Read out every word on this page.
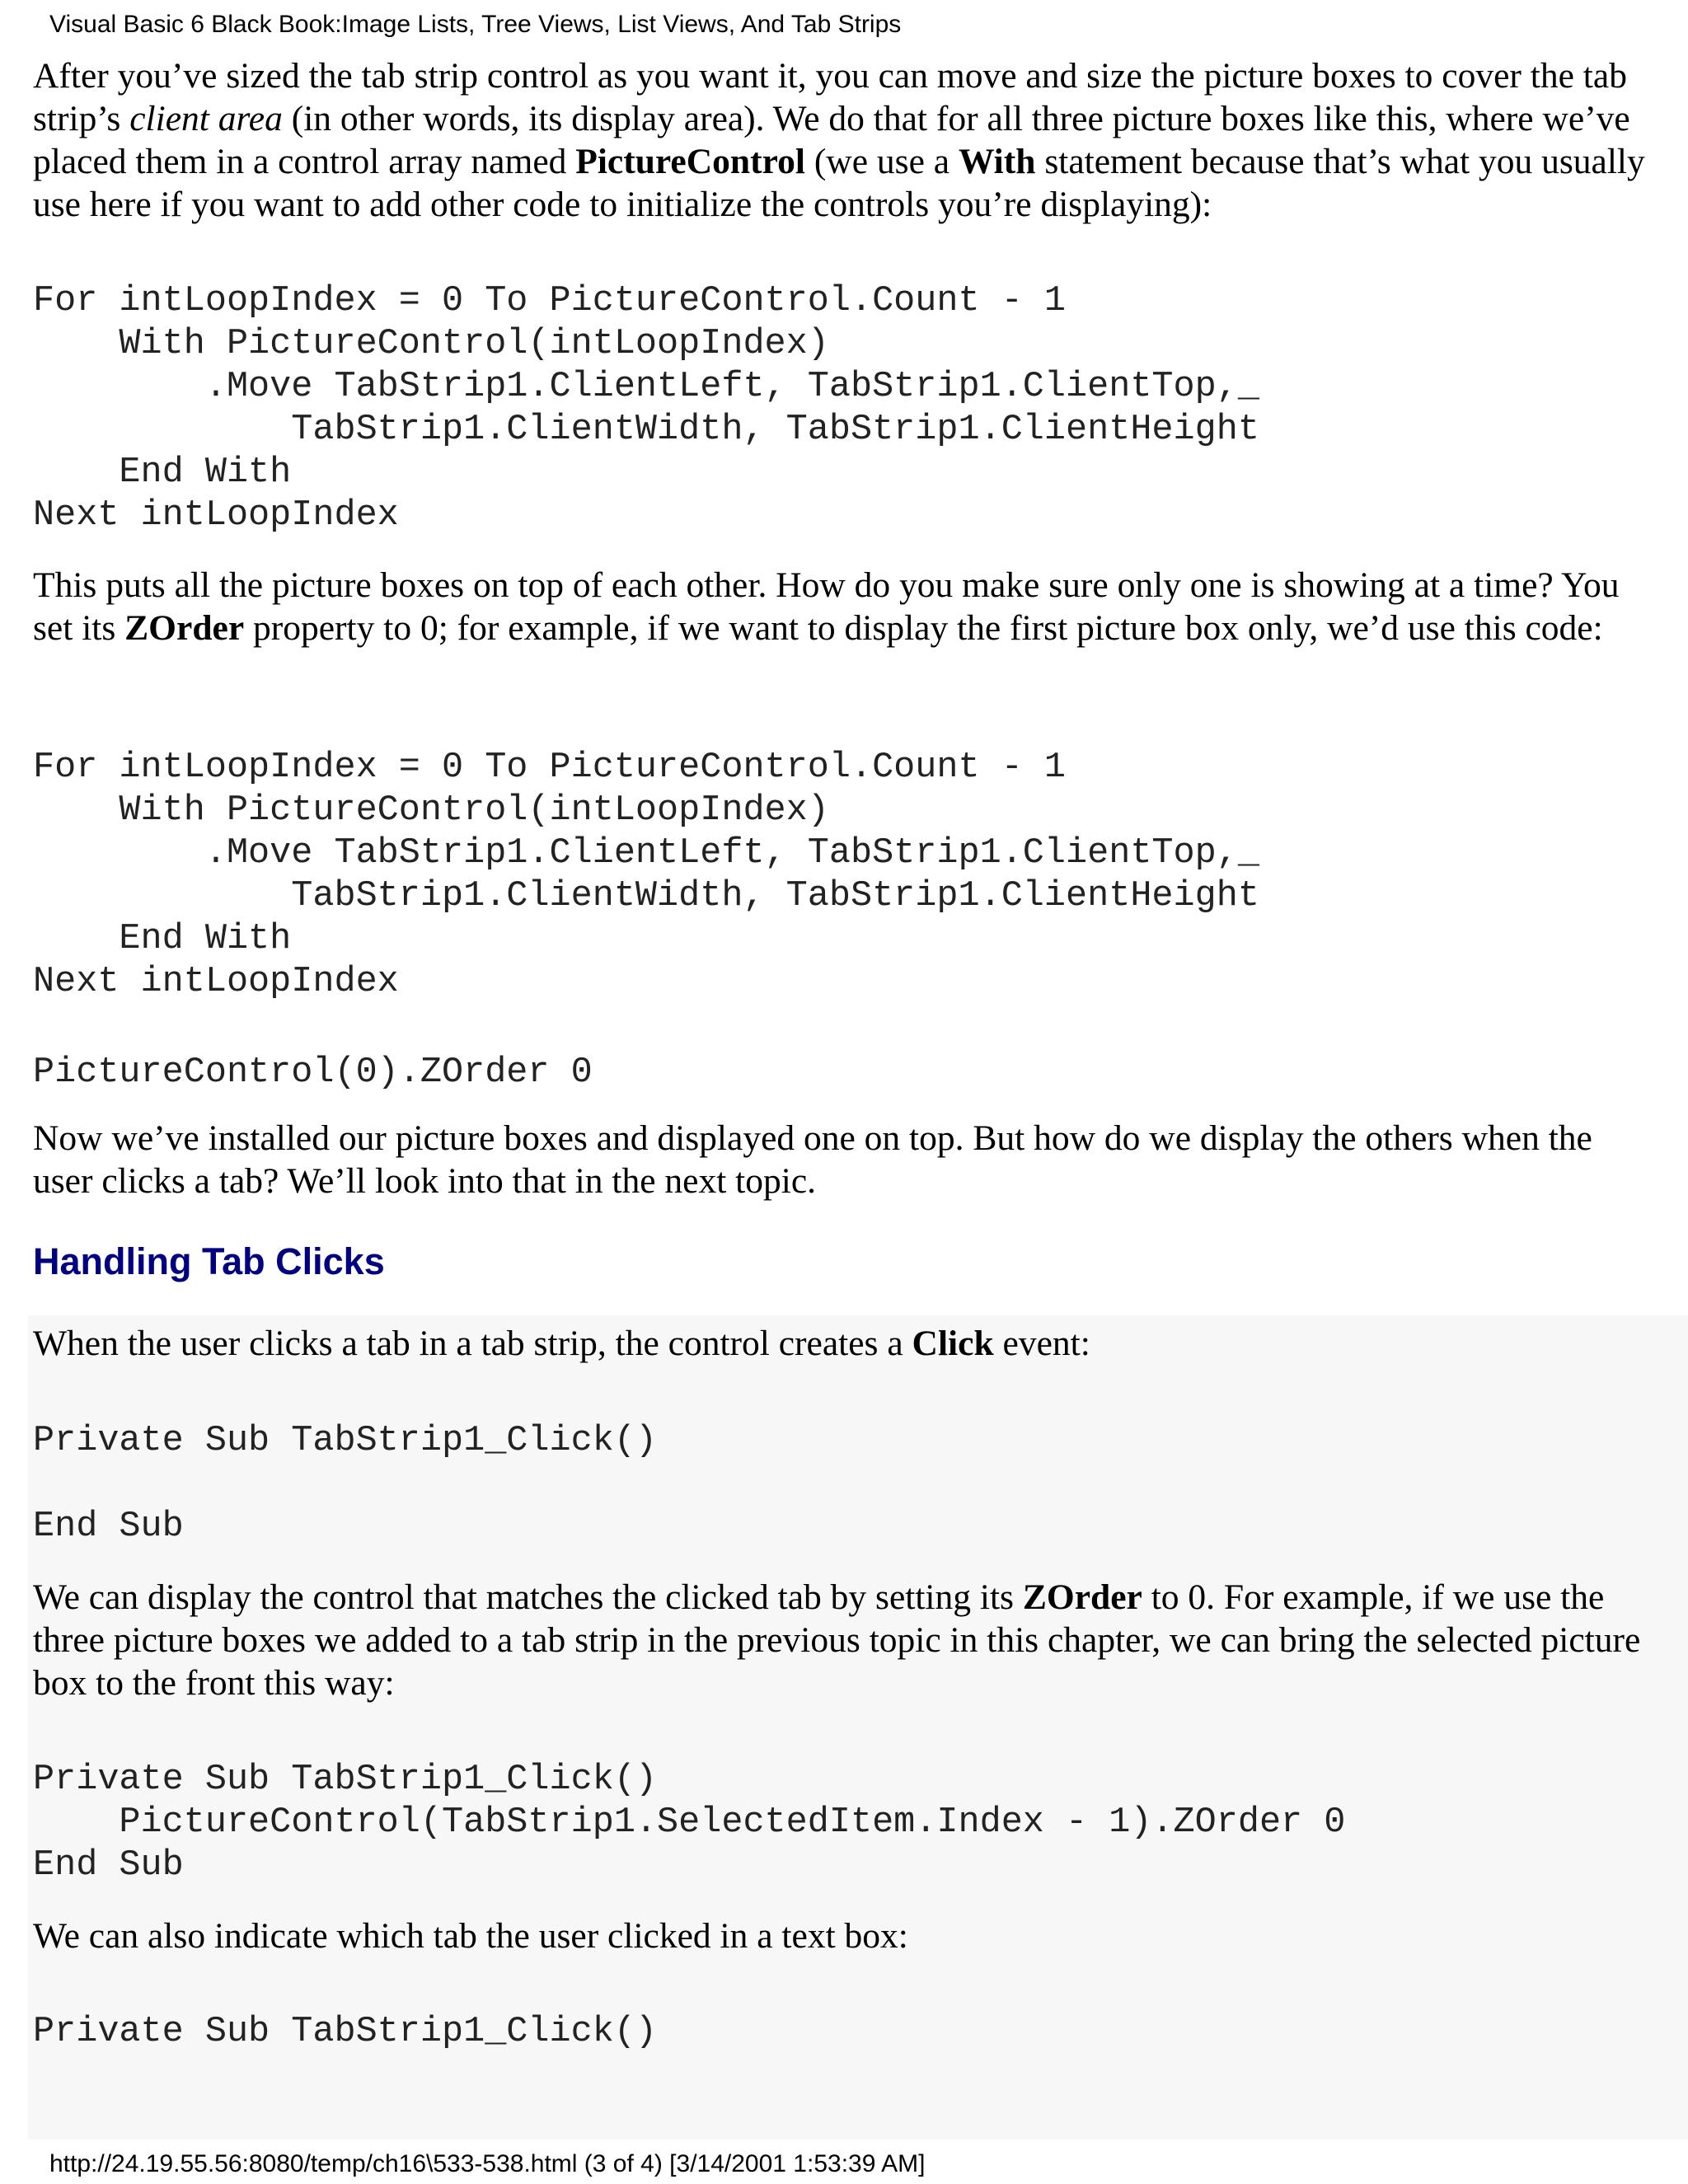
Visual Basic 6 Black Book:Image Lists, Tree Views, List Views, And Tab Strips

After you’ve sized the tab strip control as you want it, you can move and size the picture boxes to cover the tab strip’s client area (in other words, its display area). We do that for all three picture boxes like this, where we’ve placed them in a control array named PictureControl (we use a With statement because that’s what you usually use here if you want to add other code to initialize the controls you’re displaying):

For intLoopIndex = 0 To PictureControl.Count - 1
With PictureControl(intLoopIndex)
.Move TabStrip1.ClientLeft, TabStrip1.ClientTop,_
TabStrip1.ClientWidth, TabStrip1.ClientHeight
End With
Next intLoopIndex

This puts all the picture boxes on top of each other. How do you make sure only one is showing at a time? You set its ZOrder property to 0; for example, if we want to display the first picture box only, we’d use this code:

For intLoopIndex = 0 To PictureControl.Count - 1
With PictureControl(intLoopIndex)
.Move TabStrip1.ClientLeft, TabStrip1.ClientTop,_
TabStrip1.ClientWidth, TabStrip1.ClientHeight
End With
Next intLoopIndex
PictureControl(0).ZOrder 0

Now we’ve installed our picture boxes and displayed one on top. But how do we display the others when the user clicks a tab? We’ll look into that in the next topic.

Handling Tab Clicks

When the user clicks a tab in a tab strip, the control creates a Click event:

Private Sub TabStrip1_Click()

End Sub

We can display the control that matches the clicked tab by setting its ZOrder to 0. For example, if we use the three picture boxes we added to a tab strip in the previous topic in this chapter, we can bring the selected picture box to the front this way:

Private Sub TabStrip1_Click()
PictureControl(TabStrip1.SelectedItem.Index - 1).ZOrder 0
End Sub

We can also indicate which tab the user clicked in a text box:

Private Sub TabStrip1_Click()
http://24.19.55.56:8080/temp/ch16\533-538.html (3 of 4) [3/14/2001 1:53:39 AM]
